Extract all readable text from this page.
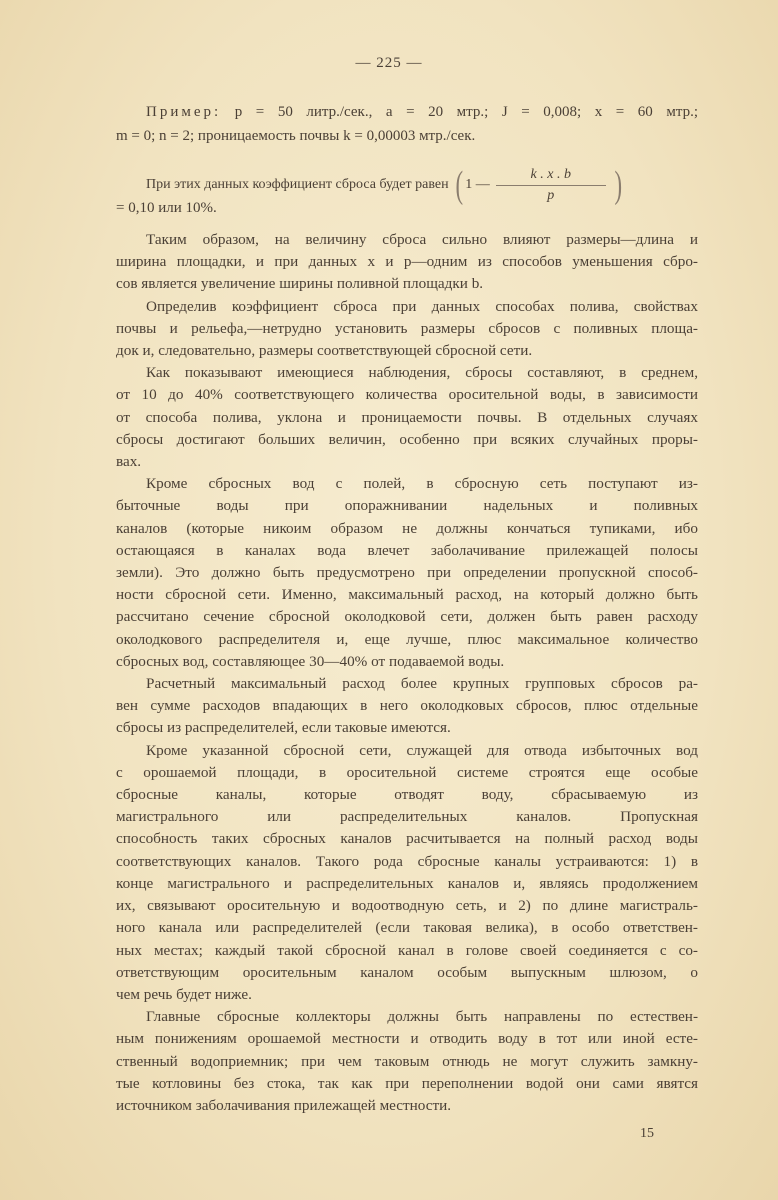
— 225 —
Пример: p = 50 литр./сек., a = 20 мтр.; J = 0,008; x = 60 мтр.;
m = 0; n = 2; проницаемость почвы k = 0,00003 мтр./сек.
При этих данных коэффициент сброса будет равен ( 1 — $\frac{k . x . b}{p}$ )
= 0,10 или 10%.
Таким образом, на величину сброса сильно влияют размеры—длина и
ширина площадки, и при данных x и p—одним из способов уменьшения сбро-
сов является увеличение ширины поливной площадки b.
Определив коэффициент сброса при данных способах полива, свойствах
почвы и рельефа,—нетрудно установить размеры сбросов с поливных площа-
док и, следовательно, размеры соответствующей сбросной сети.
Как показывают имеющиеся наблюдения, сбросы составляют, в среднем,
от 10 до 40% соответствующего количества оросительной воды, в зависимости
от способа полива, уклона и проницаемости почвы. В отдельных случаях
сбросы достигают больших величин, особенно при всяких случайных проры-
вах.
Кроме сбросных вод с полей, в сбросную сеть поступают из-
быточные воды при опоражнивании надельных и поливных
каналов (которые никоим образом не должны кончаться тупиками, ибо
остающаяся в каналах вода влечет заболачивание прилежащей полосы
земли). Это должно быть предусмотрено при определении пропускной способ-
ности сбросной сети. Именно, максимальный расход, на который должно быть
рассчитано сечение сбросной околодковой сети, должен быть равен расходу
околодкового распределителя и, еще лучше, плюс максимальное количество
сбросных вод, составляющее 30—40% от подаваемой воды.
Расчетный максимальный расход более крупных групповых сбросов ра-
вен сумме расходов впадающих в него околодковых сбросов, плюс отдельные
сбросы из распределителей, если таковые имеются.
Кроме указанной сбросной сети, служащей для отвода избыточных вод
с орошаемой площади, в оросительной системе строятся еще особые
сбросные каналы, которые отводят воду, сбрасываемую из
магистрального или распределительных каналов. Пропускная
способность таких сбросных каналов расчитывается на полный расход воды
соответствующих каналов. Такого рода сбросные каналы устраиваются: 1) в
конце магистрального и распределительных каналов и, являясь продолжением
их, связывают оросительную и водоотводную сеть, и 2) по длине магистраль-
ного канала или распределителей (если таковая велика), в особо ответствен-
ных местах; каждый такой сбросной канал в голове своей соединяется с со-
ответствующим оросительным каналом особым выпускным шлюзом, о
чем речь будет ниже.
Главные сбросные коллекторы должны быть направлены по естествен-
ным понижениям орошаемой местности и отводить воду в тот или иной есте-
ственный водоприемник; при чем таковым отнюдь не могут служить замкну-
тые котловины без стока, так как при переполнении водой они сами явятся
источником заболачивания прилежащей местности.
15
